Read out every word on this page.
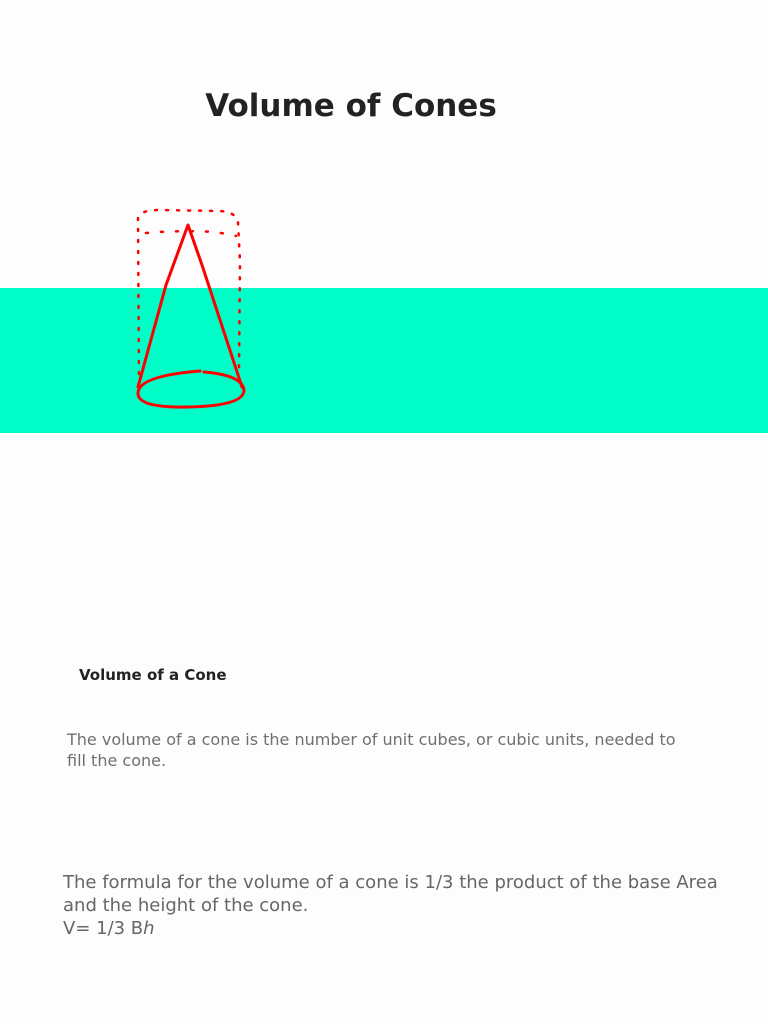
Volume of Cones
Volume of a Cone

The volume of a cone is the number of unit cubes, or cubic units, needed to fill the cone.

The formula for the volume of a cone is 1/3 the product of the base Area and the height of the cone.
V= 1/3 Bh
